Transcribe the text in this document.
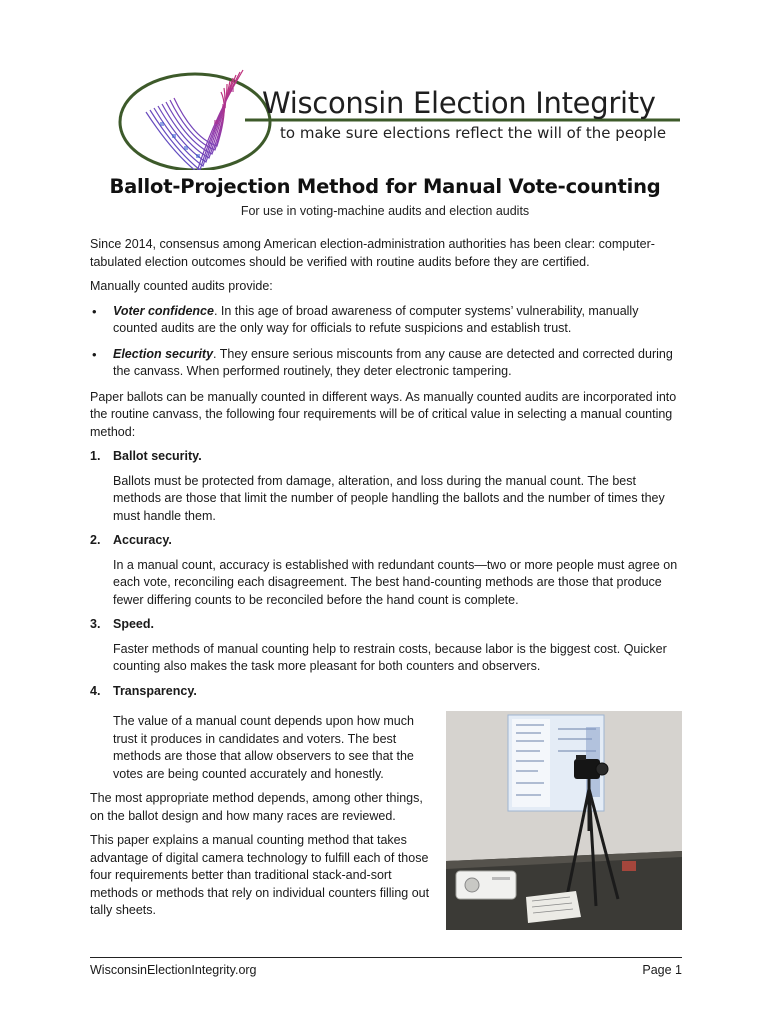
Wisconsin Election Integrity
to make sure elections reflect the will of the people
Ballot-Projection Method for Manual Vote-counting
For use in voting-machine audits and election audits

Since 2014, consensus among American election-administration authorities has been clear: computer-tabulated election outcomes should be verified with routine audits before they are certified.

Manually counted audits provide:

• Voter confidence. In this age of broad awareness of computer systems’ vulnerability, manually counted audits are the only way for officials to refute suspicions and establish trust.
• Election security. They ensure serious miscounts from any cause are detected and corrected during the canvass. When performed routinely, they deter electronic tampering.

Paper ballots can be manually counted in different ways. As manually counted audits are incorporated into the routine canvass, the following four requirements will be of critical value in selecting a manual counting method:

1. Ballot security.
Ballots must be protected from damage, alteration, and loss during the manual count. The best methods are those that limit the number of people handling the ballots and the number of times they must handle them.
2. Accuracy.
In a manual count, accuracy is established with redundant counts—two or more people must agree on each vote, reconciling each disagreement. The best hand-counting methods are those that produce fewer differing counts to be reconciled before the hand count is complete.
3. Speed.
Faster methods of manual counting help to restrain costs, because labor is the biggest cost. Quicker counting also makes the task more pleasant for both counters and observers.
4. Transparency.

The value of a manual count depends upon how much trust it produces in candidates and voters. The best methods are those that allow observers to see that the votes are being counted accurately and honestly.

The most appropriate method depends, among other things, on the ballot design and how many races are reviewed.

This paper explains a manual counting method that takes advantage of digital camera technology to fulfill each of those four requirements better than traditional stack-and-sort methods or methods that rely on individual counters filling out tally sheets.

WisconsinElectionIntegrity.org	Page 1
